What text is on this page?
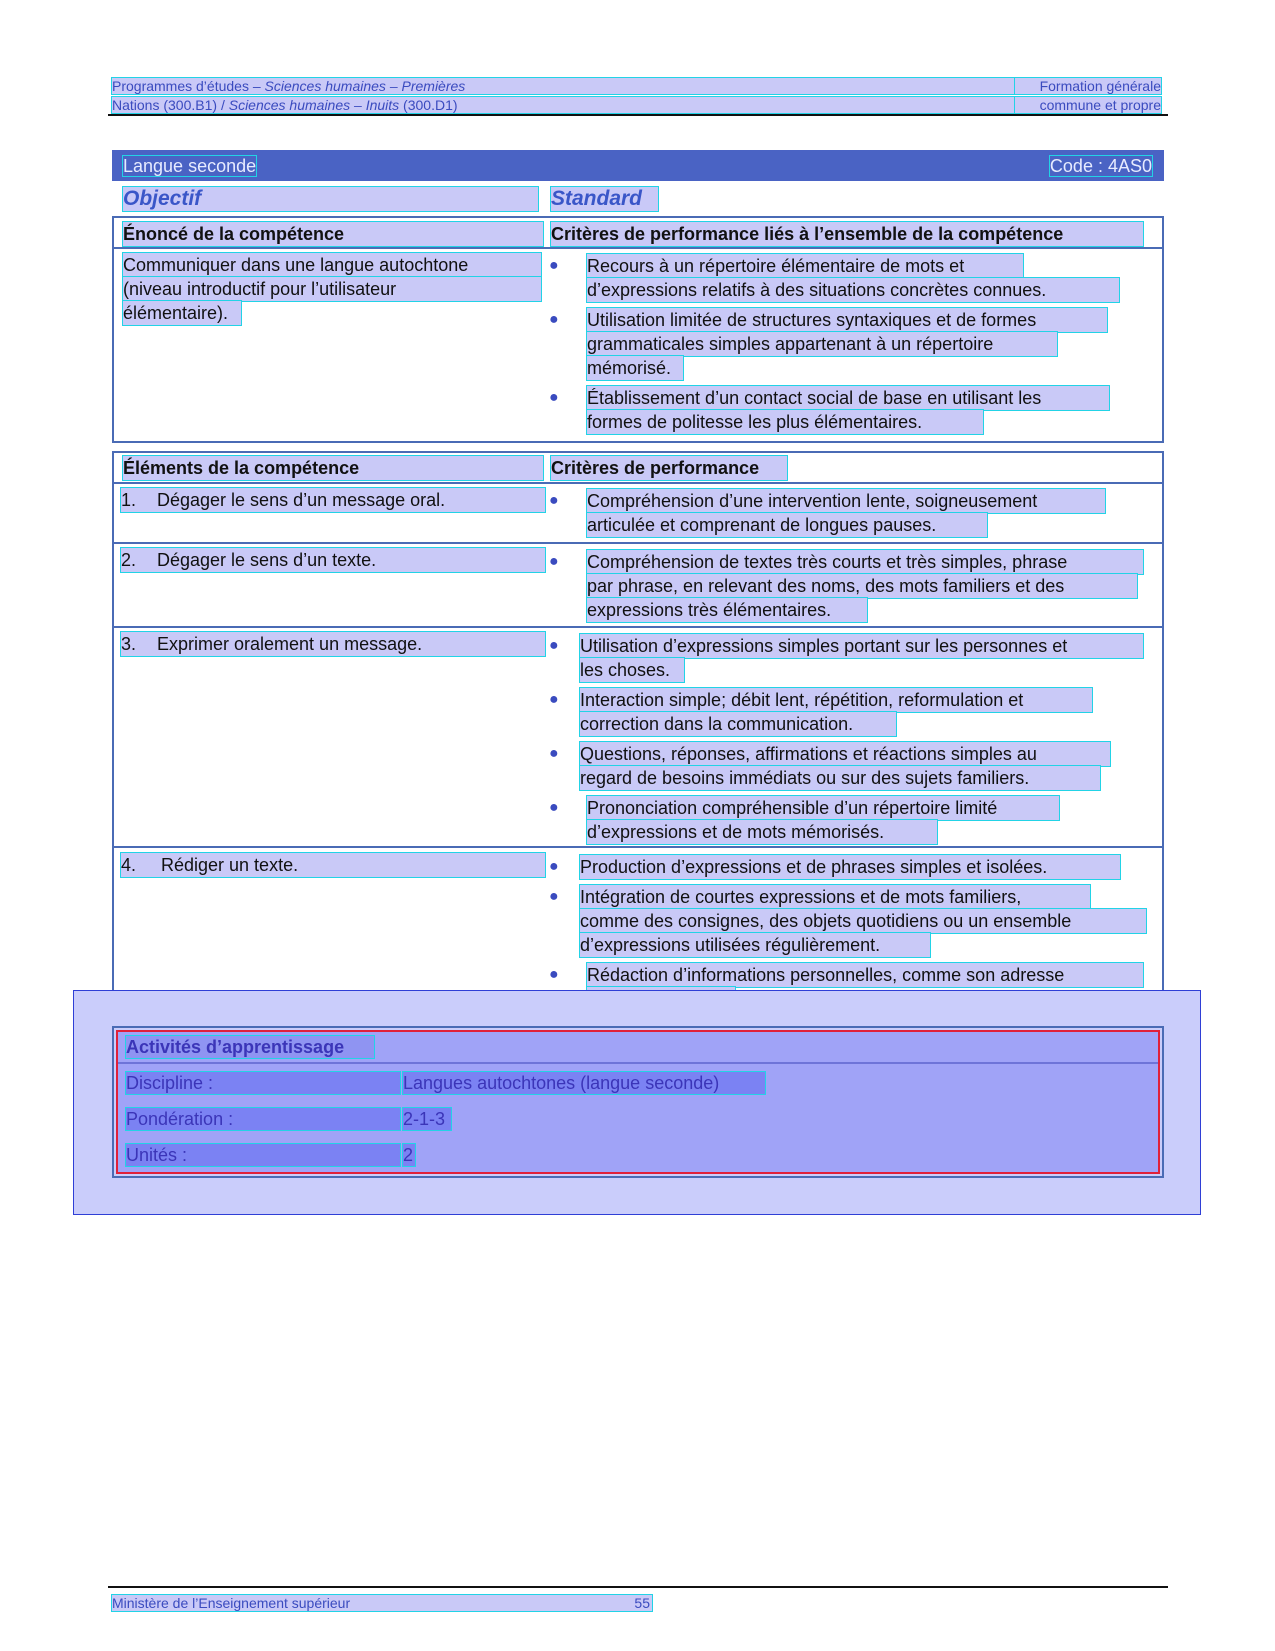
Programmes d’études – Sciences humaines – Premières
Nations (300.B1) / Sciences humaines – Inuits (300.D1)
Formation générale
commune et propre
Langue seconde	Code : 4AS0
Objectif	Standard
Énoncé de la compétence	Critères de performance liés à l’ensemble de la compétence
Communiquer dans une langue autochtone
(niveau introductif pour l’utilisateur
élémentaire).
● Recours à un répertoire élémentaire de mots et
d’expressions relatifs à des situations concrètes connues.
● Utilisation limitée de structures syntaxiques et de formes
grammaticales simples appartenant à un répertoire
mémorisé.
● Établissement d’un contact social de base en utilisant les
formes de politesse les plus élémentaires.
Éléments de la compétence	Critères de performance
1. Dégager le sens d’un message oral.	● Compréhension d’une intervention lente, soigneusement
articulée et comprenant de longues pauses.
2. Dégager le sens d’un texte.	● Compréhension de textes très courts et très simples, phrase
par phrase, en relevant des noms, des mots familiers et des
expressions très élémentaires.
3. Exprimer oralement un message.	● Utilisation d’expressions simples portant sur les personnes et
les choses.
● Interaction simple; débit lent, répétition, reformulation et
correction dans la communication.
● Questions, réponses, affirmations et réactions simples au
regard de besoins immédiats ou sur des sujets familiers.
● Prononciation compréhensible d’un répertoire limité
d’expressions et de mots mémorisés.
4. Rédiger un texte.	● Production d’expressions et de phrases simples et isolées.
● Intégration de courtes expressions et de mots familiers,
comme des consignes, des objets quotidiens ou un ensemble
d’expressions utilisées régulièrement.
● Rédaction d’informations personnelles, comme son adresse
Activités d’apprentissage
Discipline :	Langues autochtones (langue seconde)
Pondération :	2-1-3
Unités :	2
Ministère de l’Enseignement supérieur	55
